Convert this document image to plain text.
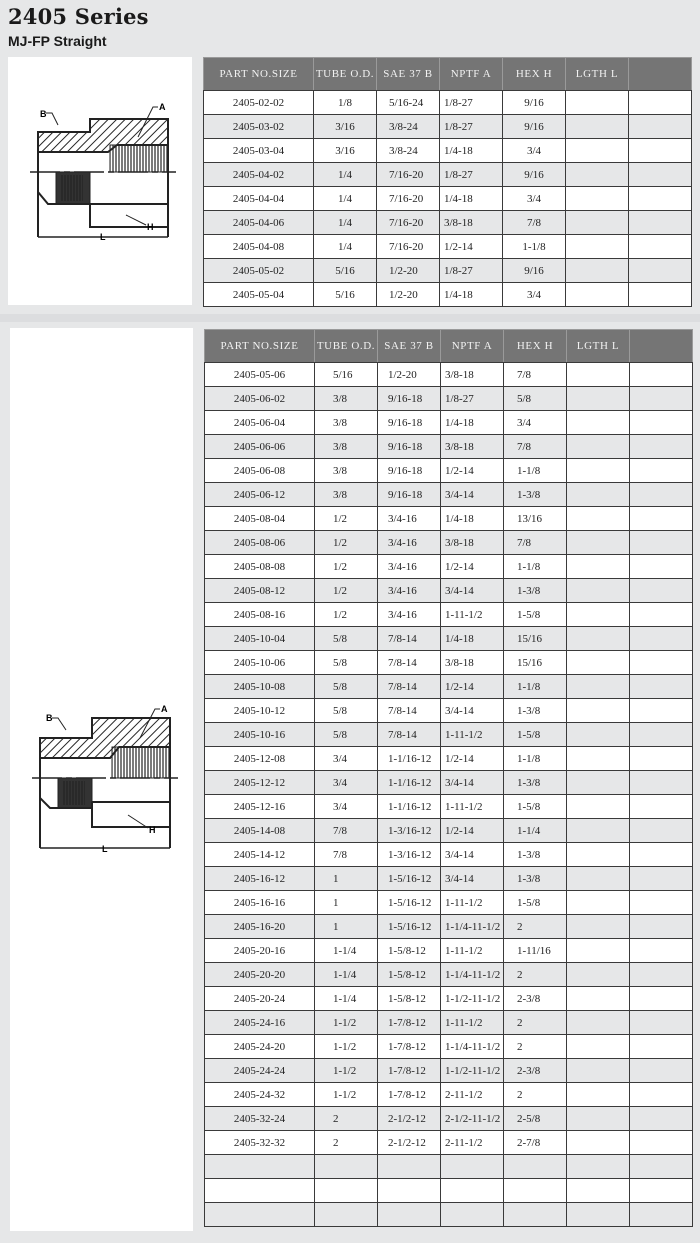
2405 Series
MJ-FP Straight
B
A
H
L
PART NO.SIZE	TUBE O.D.	SAE 37 B	NPTF A	HEX H	LGTH L	
2405-02-02	1/8	5/16-24	1/8-27	9/16		
2405-03-02	3/16	3/8-24	1/8-27	9/16		
2405-03-04	3/16	3/8-24	1/4-18	3/4		
2405-04-02	1/4	7/16-20	1/8-27	9/16		
2405-04-04	1/4	7/16-20	1/4-18	3/4		
2405-04-06	1/4	7/16-20	3/8-18	7/8		
2405-04-08	1/4	7/16-20	1/2-14	1-1/8		
2405-05-02	5/16	1/2-20	1/8-27	9/16		
2405-05-04	5/16	1/2-20	1/4-18	3/4		
B
A
H
L
PART NO.SIZE	TUBE O.D.	SAE 37 B	NPTF A	HEX H	LGTH L	
2405-05-06	5/16	1/2-20	3/8-18	7/8		
2405-06-02	3/8	9/16-18	1/8-27	5/8		
2405-06-04	3/8	9/16-18	1/4-18	3/4		
2405-06-06	3/8	9/16-18	3/8-18	7/8		
2405-06-08	3/8	9/16-18	1/2-14	1-1/8		
2405-06-12	3/8	9/16-18	3/4-14	1-3/8		
2405-08-04	1/2	3/4-16	1/4-18	13/16		
2405-08-06	1/2	3/4-16	3/8-18	7/8		
2405-08-08	1/2	3/4-16	1/2-14	1-1/8		
2405-08-12	1/2	3/4-16	3/4-14	1-3/8		
2405-08-16	1/2	3/4-16	1-11-1/2	1-5/8		
2405-10-04	5/8	7/8-14	1/4-18	15/16		
2405-10-06	5/8	7/8-14	3/8-18	15/16		
2405-10-08	5/8	7/8-14	1/2-14	1-1/8		
2405-10-12	5/8	7/8-14	3/4-14	1-3/8		
2405-10-16	5/8	7/8-14	1-11-1/2	1-5/8		
2405-12-08	3/4	1-1/16-12	1/2-14	1-1/8		
2405-12-12	3/4	1-1/16-12	3/4-14	1-3/8		
2405-12-16	3/4	1-1/16-12	1-11-1/2	1-5/8		
2405-14-08	7/8	1-3/16-12	1/2-14	1-1/4		
2405-14-12	7/8	1-3/16-12	3/4-14	1-3/8		
2405-16-12	1	1-5/16-12	3/4-14	1-3/8		
2405-16-16	1	1-5/16-12	1-11-1/2	1-5/8		
2405-16-20	1	1-5/16-12	1-1/4-11-1/2	2		
2405-20-16	1-1/4	1-5/8-12	1-11-1/2	1-11/16		
2405-20-20	1-1/4	1-5/8-12	1-1/4-11-1/2	2		
2405-20-24	1-1/4	1-5/8-12	1-1/2-11-1/2	2-3/8		
2405-24-16	1-1/2	1-7/8-12	1-11-1/2	2		
2405-24-20	1-1/2	1-7/8-12	1-1/4-11-1/2	2		
2405-24-24	1-1/2	1-7/8-12	1-1/2-11-1/2	2-3/8		
2405-24-32	1-1/2	1-7/8-12	2-11-1/2	2		
2405-32-24	2	2-1/2-12	2-1/2-11-1/2	2-5/8		
2405-32-32	2	2-1/2-12	2-11-1/2	2-7/8		
